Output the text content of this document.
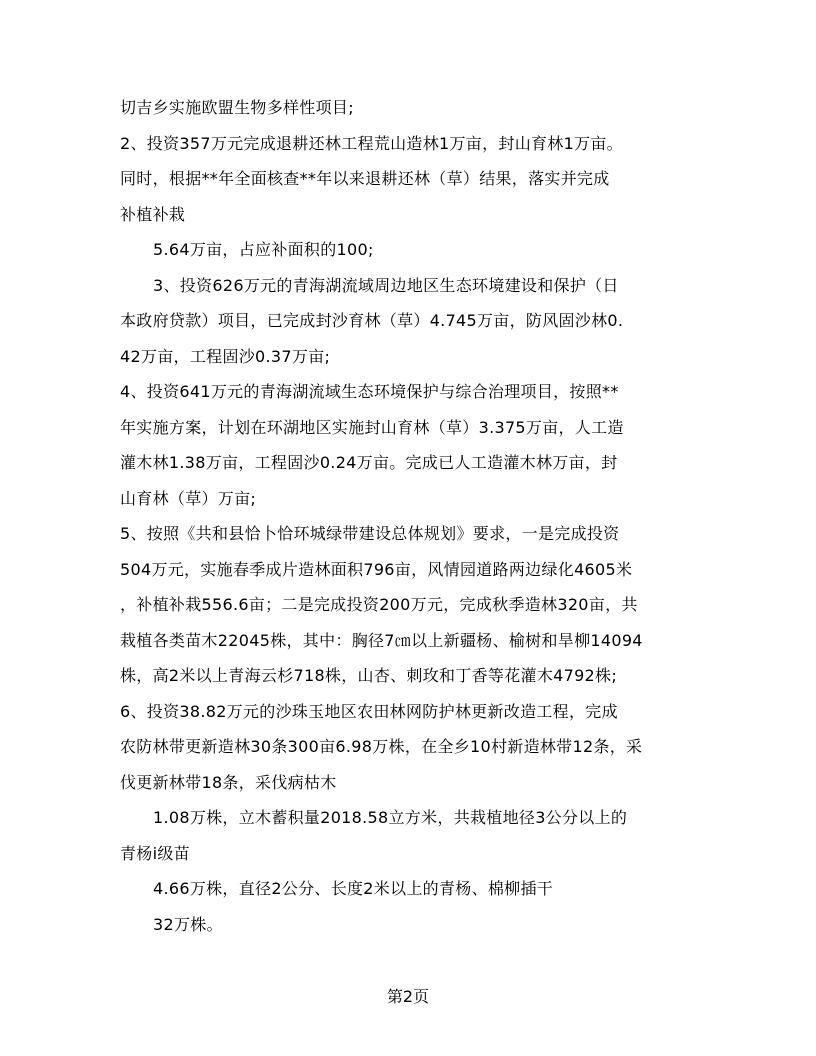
切吉乡实施欧盟生物多样性项目;
2、投资357万元完成退耕还林工程荒山造林1万亩，封山育林1万亩。
同时，根据**年全面核查**年以来退耕还林（草）结果，落实并完成
补植补栽
5.64万亩，占应补面积的100;
3、投资626万元的青海湖流域周边地区生态环境建设和保护（日
本政府贷款）项目，已完成封沙育林（草）4.745万亩，防风固沙林0.
42万亩，工程固沙0.37万亩;
4、投资641万元的青海湖流域生态环境保护与综合治理项目，按照**
年实施方案，计划在环湖地区实施封山育林（草）3.375万亩，人工造
灌木林1.38万亩，工程固沙0.24万亩。完成已人工造灌木林万亩，封
山育林（草）万亩;
5、按照《共和县恰卜恰环城绿带建设总体规划》要求，一是完成投资
504万元，实施春季成片造林面积796亩，风情园道路两边绿化4605米
，补植补栽556.6亩；二是完成投资200万元，完成秋季造林320亩，共
栽植各类苗木22045株，其中：胸径7㎝以上新疆杨、榆树和旱柳14094
株，高2米以上青海云杉718株，山杏、刺玫和丁香等花灌木4792株;
6、投资38.82万元的沙珠玉地区农田林网防护林更新改造工程，完成
农防林带更新造林30条300亩6.98万株，在全乡10村新造林带12条，采
伐更新林带18条，采伐病枯木
1.08万株，立木蓄积量2018.58立方米，共栽植地径3公分以上的
青杨i级苗
4.66万株，直径2公分、长度2米以上的青杨、棉柳插干
32万株。
第2页
